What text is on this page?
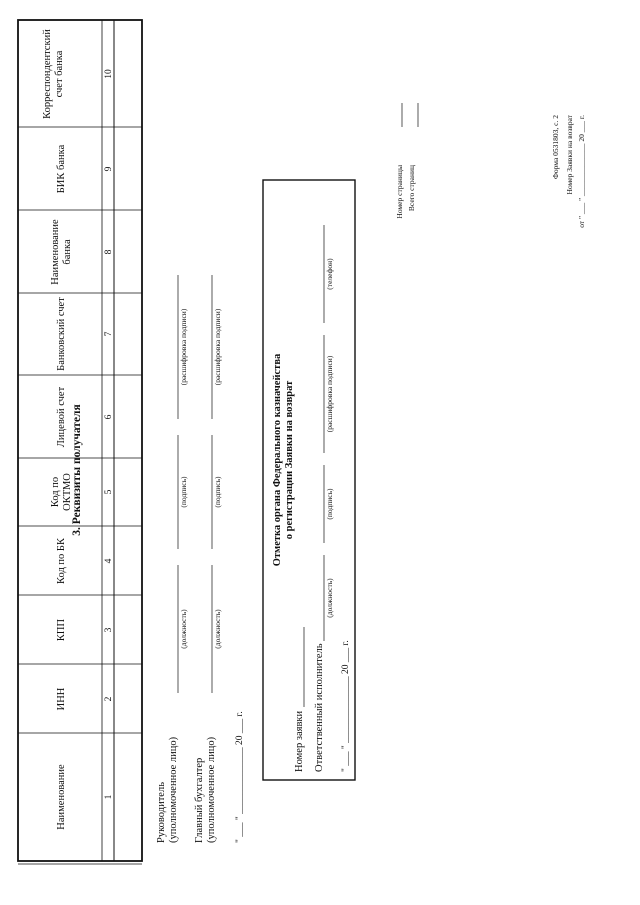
Форма 0531803, с. 2 Номер Заявки на возврат от " ___ " ______________ 20 ___ г.
Номер страницы Всего страниц
3. Реквизиты получателя
Наименование
ИНН
КПП
Код по БК
Код поОКТМО
Лицевой счет
Банковский счет
Наименованиебанка
БИК банка
Корреспондентскийсчет банка
1
2
3
4
5
6
7
8
9
10
Руководитель (уполномоченное лицо)
(должность)
(подпись)
(расшифровка подписи)
Главный бухгалтер (уполномоченное лицо)
(должность)
(подпись)
(расшифровка подписи)
" ___ " ______________ 20 ___ г.
Отметка органа Федерального казначейства о регистрации Заявки на возврат
Номер заявки Ответственный исполнитель
(должность)
(подпись)
(расшифровка подписи)
(телефон)
" ___ " ______________ 20 ___ г.
